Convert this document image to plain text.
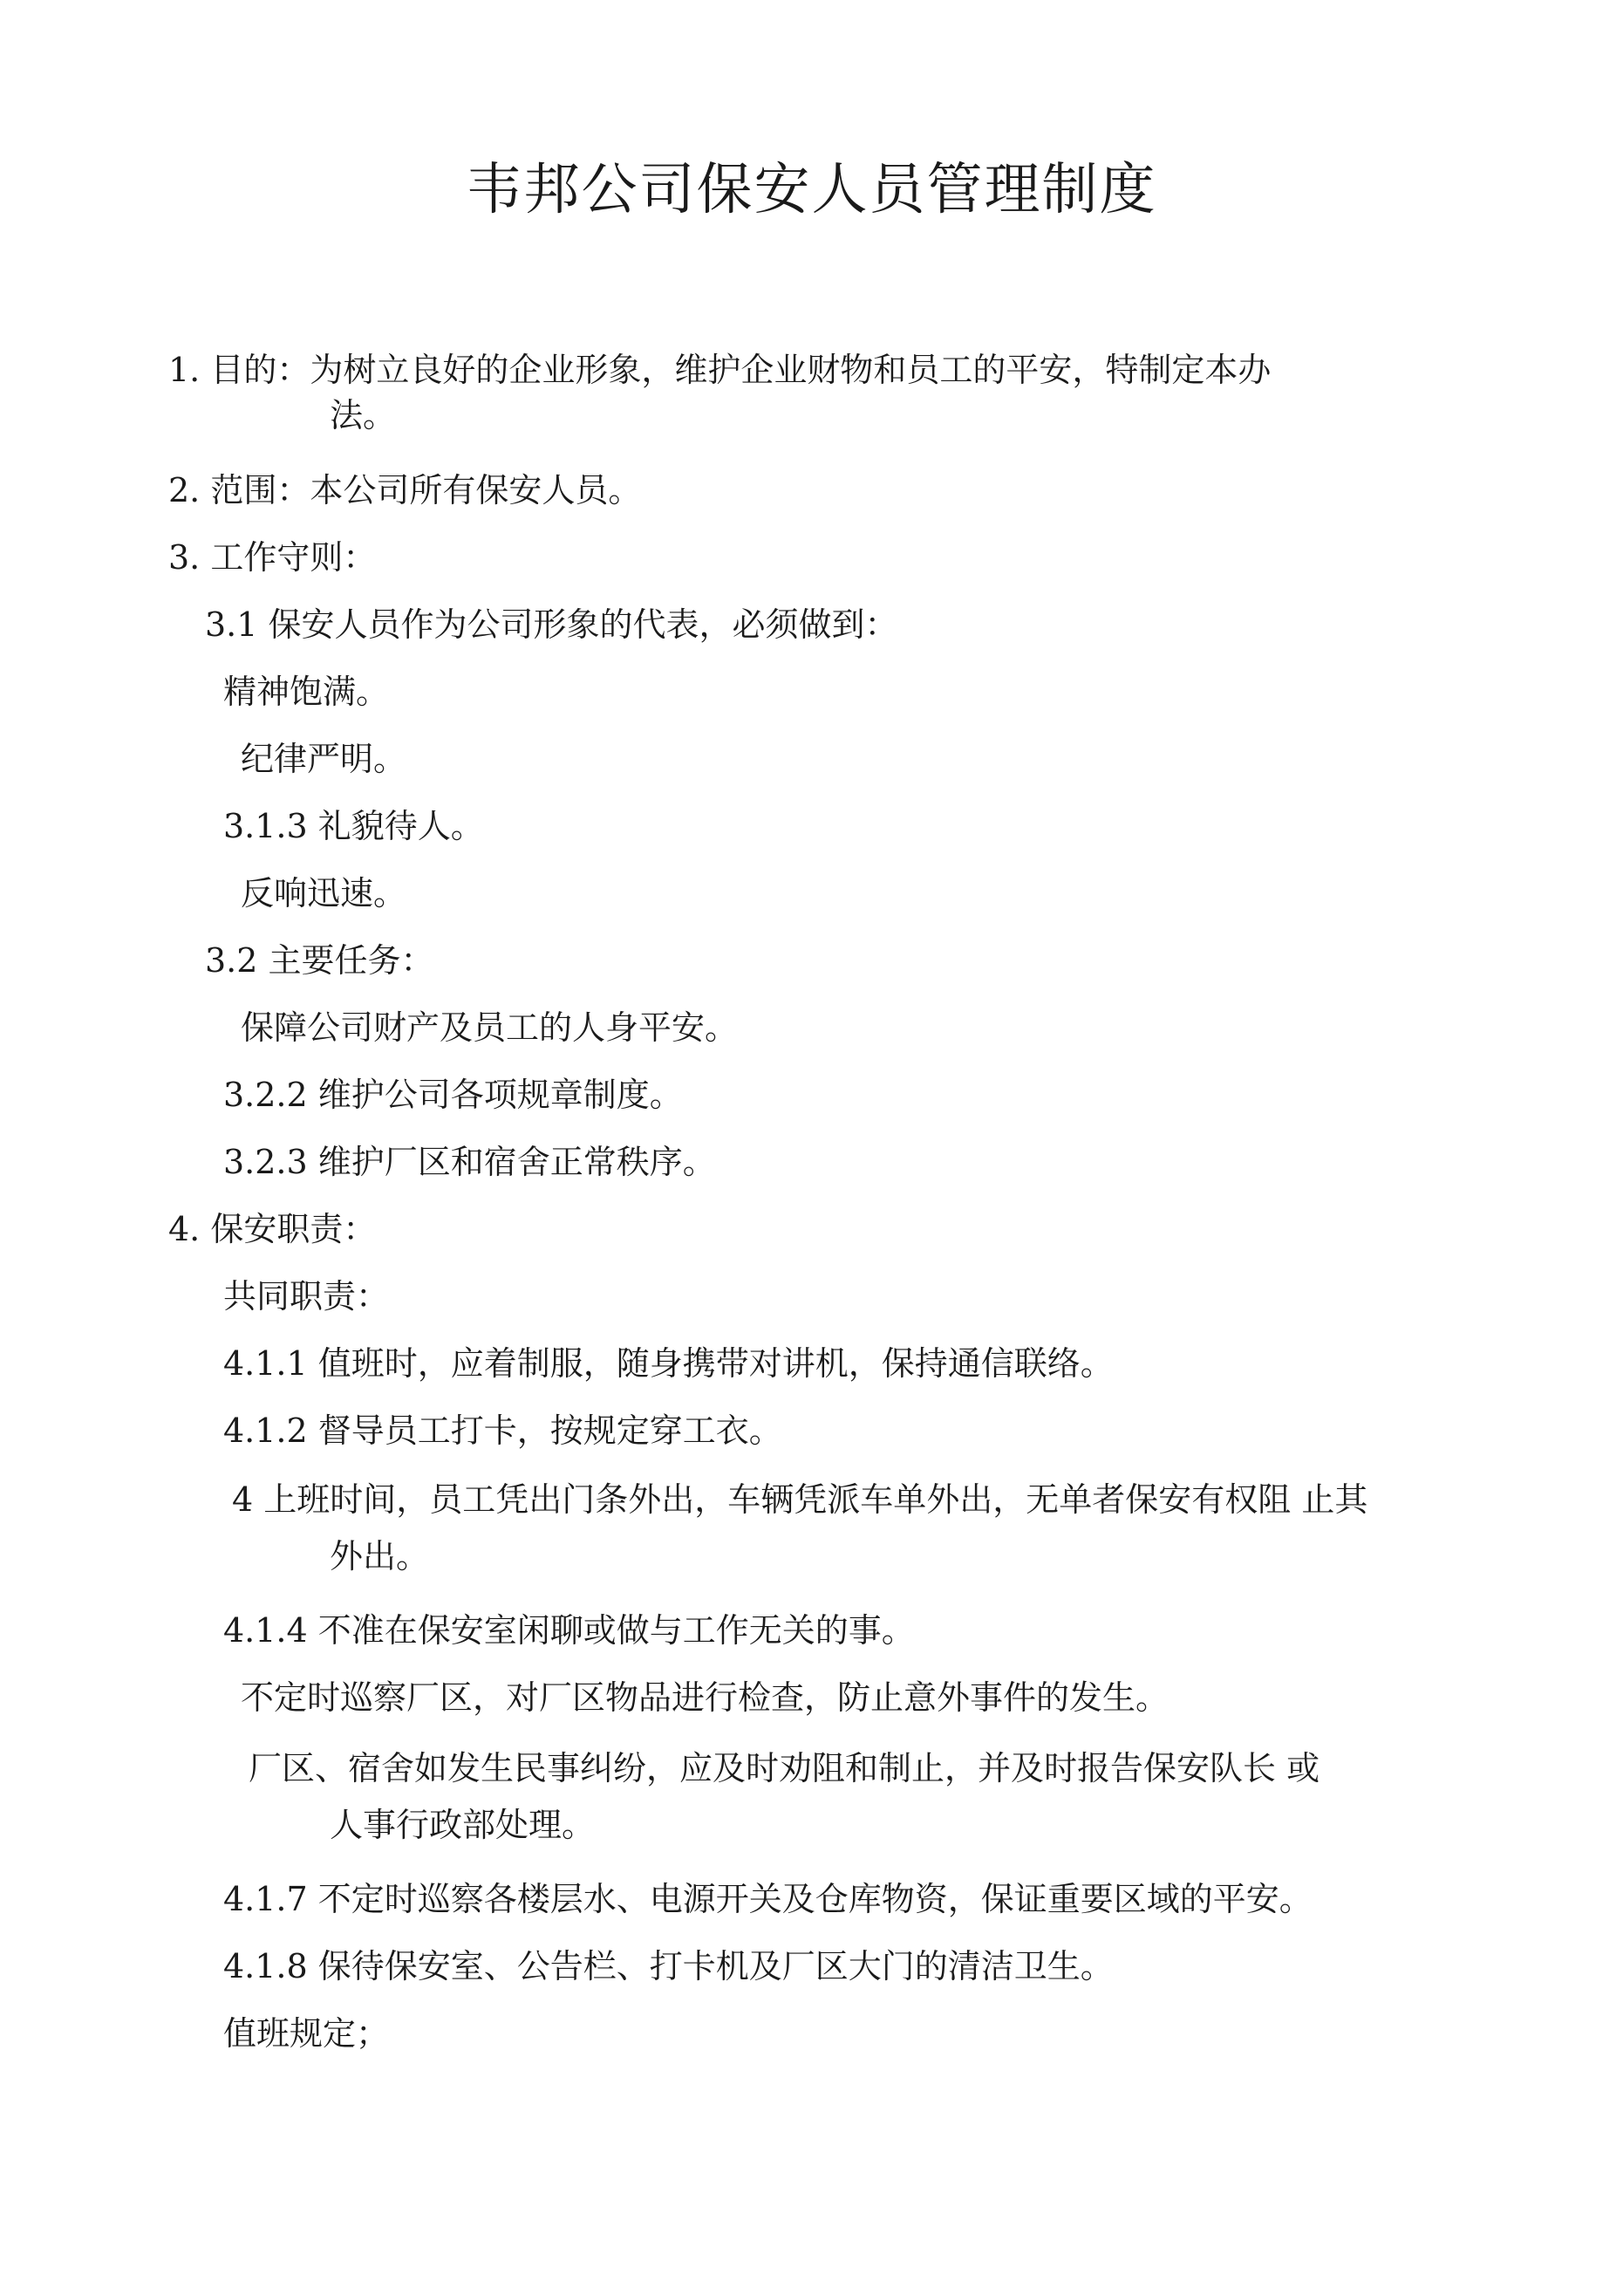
韦邦公司保安人员管理制度
1. 目的：为树立良好的企业形象，维护企业财物和员工的平安，特制定本办
法。
2. 范围：本公司所有保安人员。
3. 工作守则：
3.1 保安人员作为公司形象的代表，必须做到：
精神饱满。
纪律严明。
3.1.3 礼貌待人。
反响迅速。
3.2 主要任务：
保障公司财产及员工的人身平安。
3.2.2 维护公司各项规章制度。
3.2.3 维护厂区和宿舍正常秩序。
4. 保安职责：
共同职责：
4.1.1 值班时，应着制服，随身携带对讲机，保持通信联络。
4.1.2 督导员工打卡，按规定穿工衣。
4 上班时间，员工凭出门条外出，车辆凭派车单外出，无单者保安有权阻 止其
外出。
4.1.4 不准在保安室闲聊或做与工作无关的事。
不定时巡察厂区，对厂区物品进行检查，防止意外事件的发生。
厂区、宿舍如发生民事纠纷，应及时劝阻和制止，并及时报告保安队长 或
人事行政部处理。
4.1.7 不定时巡察各楼层水、电源开关及仓库物资，保证重要区域的平安。
4.1.8 保待保安室、公告栏、打卡机及厂区大门的清洁卫生。
值班规定；
